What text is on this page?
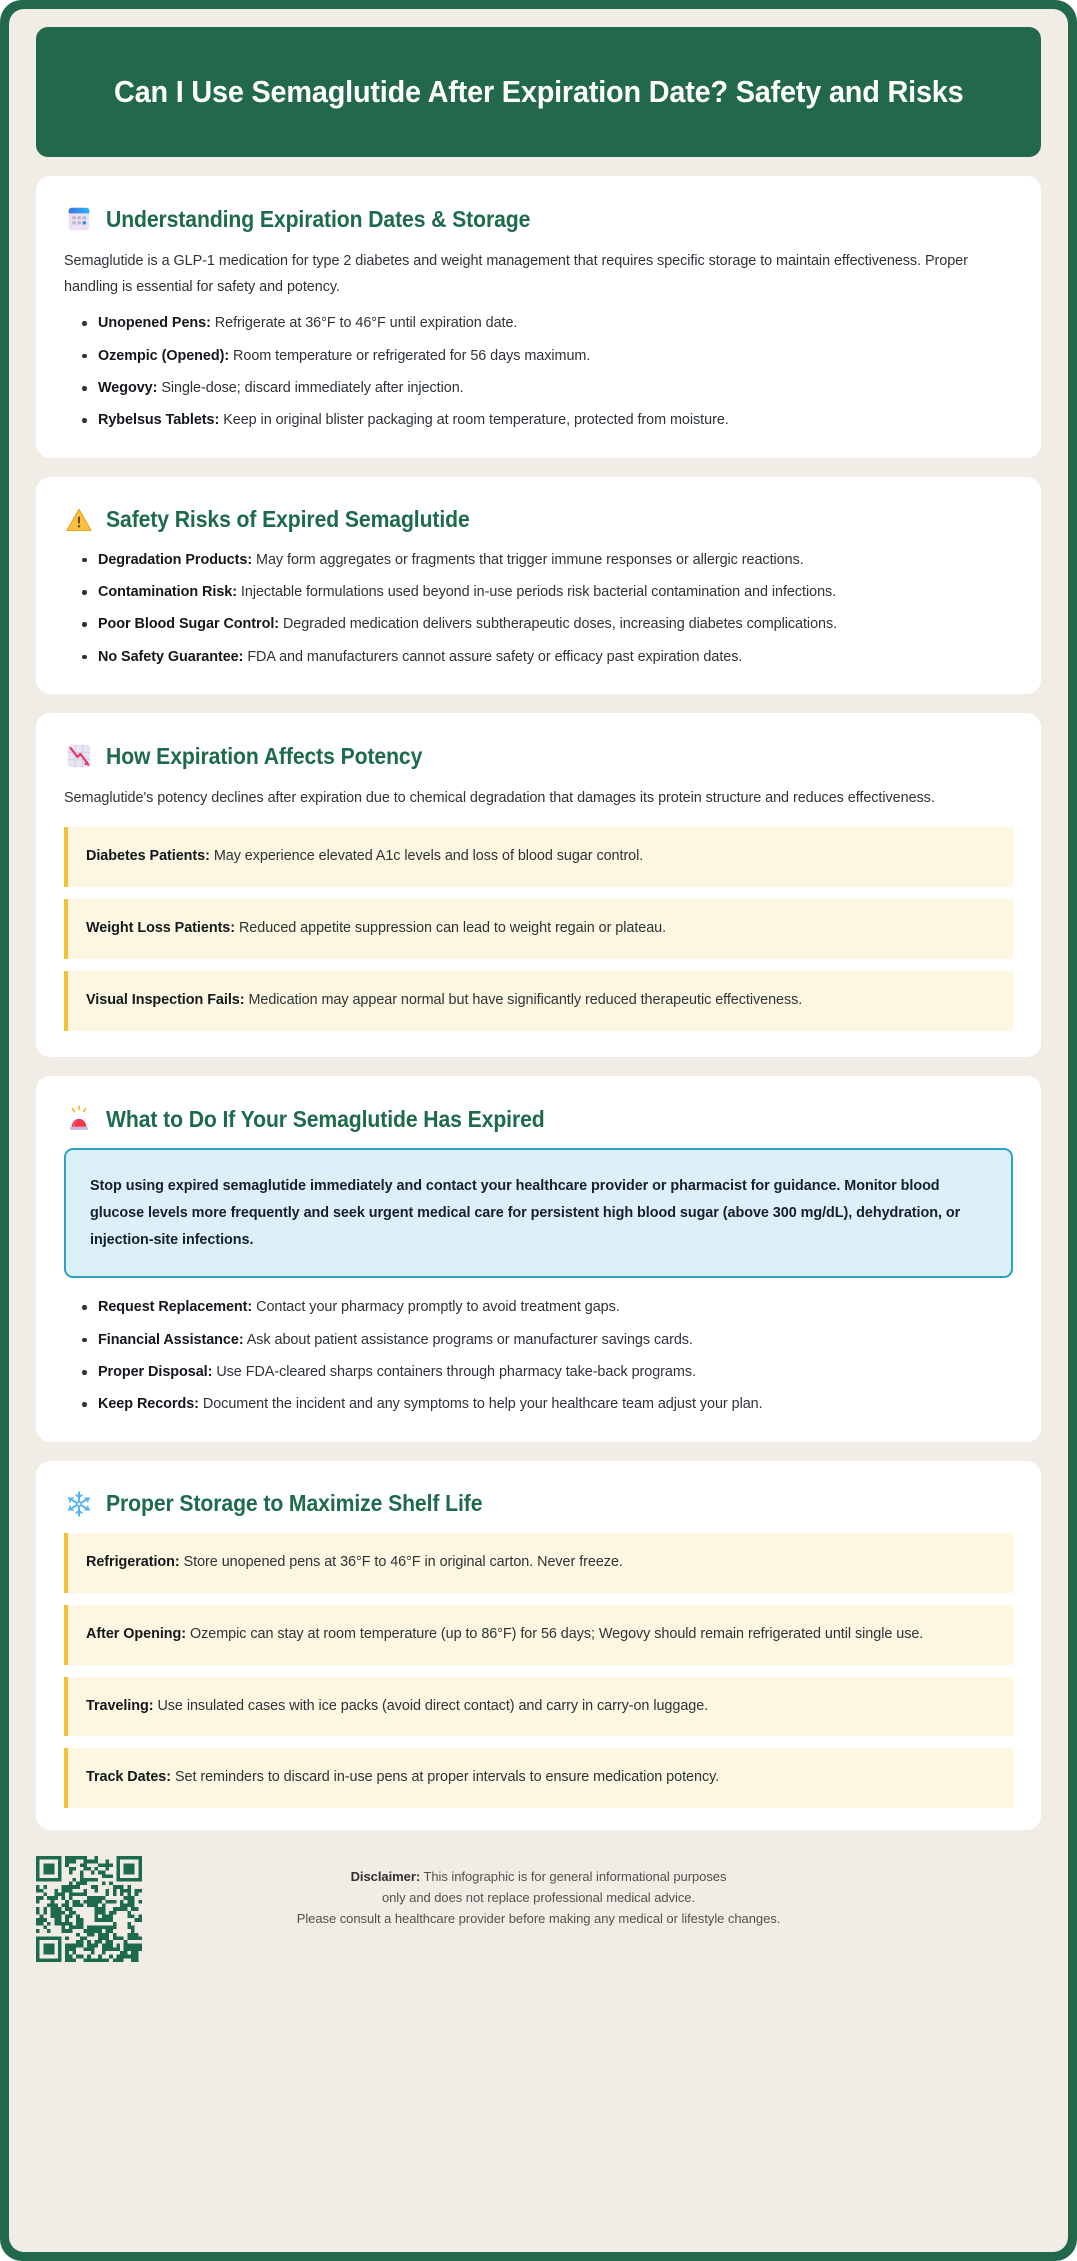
Can I Use Semaglutide After Expiration Date? Safety and Risks
Understanding Expiration Dates & Storage

Semaglutide is a GLP-1 medication for type 2 diabetes and weight management that requires specific storage to maintain effectiveness. Proper handling is essential for safety and potency.

Unopened Pens: Refrigerate at 36°F to 46°F until expiration date.
Ozempic (Opened): Room temperature or refrigerated for 56 days maximum.
Wegovy: Single-dose; discard immediately after injection.
Rybelsus Tablets: Keep in original blister packaging at room temperature, protected from moisture.
Safety Risks of Expired Semaglutide
Degradation Products: May form aggregates or fragments that trigger immune responses or allergic reactions.
Contamination Risk: Injectable formulations used beyond in-use periods risk bacterial contamination and infections.
Poor Blood Sugar Control: Degraded medication delivers subtherapeutic doses, increasing diabetes complications.
No Safety Guarantee: FDA and manufacturers cannot assure safety or efficacy past expiration dates.
How Expiration Affects Potency

Semaglutide's potency declines after expiration due to chemical degradation that damages its protein structure and reduces effectiveness.

Diabetes Patients: May experience elevated A1c levels and loss of blood sugar control.
Weight Loss Patients: Reduced appetite suppression can lead to weight regain or plateau.
Visual Inspection Fails: Medication may appear normal but have significantly reduced therapeutic effectiveness.
What to Do If Your Semaglutide Has Expired
Stop using expired semaglutide immediately and contact your healthcare provider or pharmacist for guidance. Monitor blood glucose levels more frequently and seek urgent medical care for persistent high blood sugar (above 300 mg/dL), dehydration, or injection-site infections.
Request Replacement: Contact your pharmacy promptly to avoid treatment gaps.
Financial Assistance: Ask about patient assistance programs or manufacturer savings cards.
Proper Disposal: Use FDA-cleared sharps containers through pharmacy take-back programs.
Keep Records: Document the incident and any symptoms to help your healthcare team adjust your plan.
Proper Storage to Maximize Shelf Life
Refrigeration: Store unopened pens at 36°F to 46°F in original carton. Never freeze.
After Opening: Ozempic can stay at room temperature (up to 86°F) for 56 days; Wegovy should remain refrigerated until single use.
Traveling: Use insulated cases with ice packs (avoid direct contact) and carry in carry-on luggage.
Track Dates: Set reminders to discard in-use pens at proper intervals to ensure medication potency.
Disclaimer: This infographic is for general informational purposes
only and does not replace professional medical advice.
Please consult a healthcare provider before making any medical or lifestyle changes.
